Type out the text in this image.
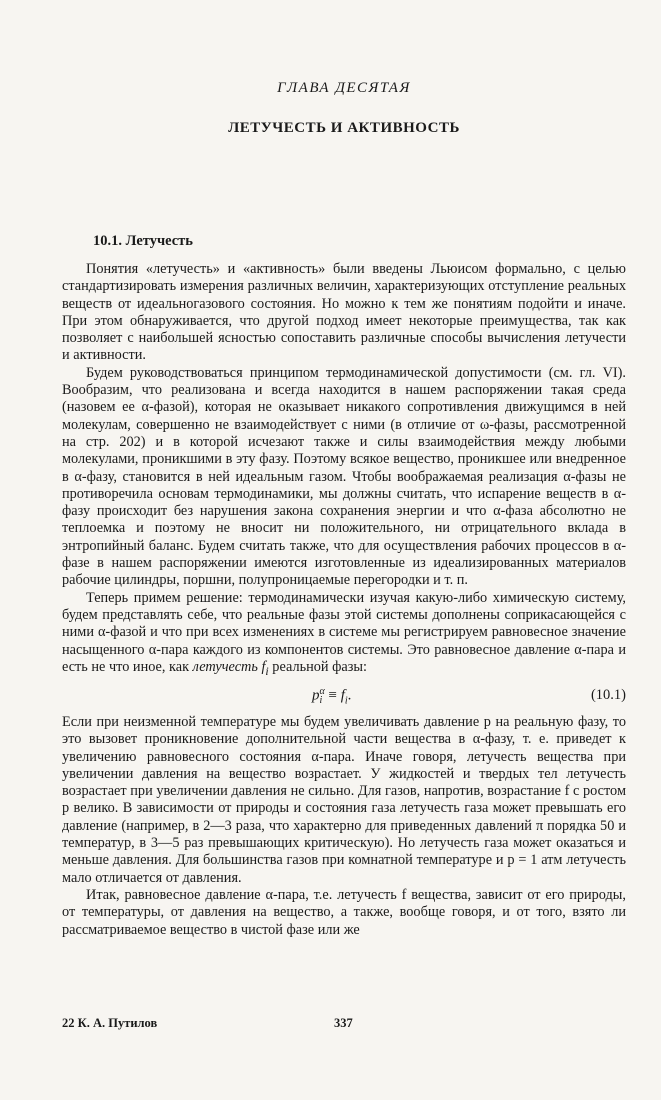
ГЛАВА ДЕСЯТАЯ
ЛЕТУЧЕСТЬ И АКТИВНОСТЬ
10.1. Летучесть

Понятия «летучесть» и «активность» были введены Льюисом формально, с целью стандартизировать измерения различных величин, характеризующих отступление реальных веществ от идеальногазового состояния. Но можно к тем же понятиям подойти и иначе. При этом обнаруживается, что другой подход имеет некоторые преимущества, так как позволяет с наибольшей ясностью сопоставить различные способы вычисления летучести и активности.

Будем руководствоваться принципом термодинамической допустимости (см. гл. VI). Вообразим, что реализована и всегда находится в нашем распоряжении такая среда (назовем ее α-фазой), которая не оказывает никакого сопротивления движущимся в ней молекулам, совершенно не взаимодействует с ними (в отличие от ω-фазы, рассмотренной на стр. 202) и в которой исчезают также и силы взаимодействия между любыми молекулами, проникшими в эту фазу. Поэтому всякое вещество, проникшее или внедренное в α-фазу, становится в ней идеальным газом. Чтобы воображаемая реализация α-фазы не противоречила основам термодинамики, мы должны считать, что испарение веществ в α-фазу происходит без нарушения закона сохранения энергии и что α-фаза абсолютно не теплоемка и поэтому не вносит ни положительного, ни отрицательного вклада в энтропийный баланс. Будем считать также, что для осуществления рабочих процессов в α-фазе в нашем распоряжении имеются изготовленные из идеализированных материалов рабочие цилиндры, поршни, полупроницаемые перегородки и т. п.

Теперь примем решение: термодинамически изучая какую-либо химическую систему, будем представлять себе, что реальные фазы этой системы дополнены соприкасающейся с ними α-фазой и что при всех изменениях в системе мы регистрируем равновесное значение насыщенного α-пара каждого из компонентов системы. Это равновесное давление α-пара и есть не что иное, как летучесть $f_i$ реальной фазы:

p α
$i \equiv f_i$.	(10.1)

Если при неизменной температуре мы будем увеличивать давление p на реальную фазу, то это вызовет проникновение дополнительной части вещества в α-фазу, т. е. приведет к увеличению равновесного состояния α-пара. Иначе говоря, летучесть вещества при увеличении давления на вещество возрастает. У жидкостей и твердых тел летучесть возрастает при увеличении давления не сильно. Для газов, напротив, возрастание f с ростом p велико. В зависимости от природы и состояния газа летучесть газа может превышать его давление (например, в 2—3 раза, что характерно для приведенных давлений π порядка 50 и температур, в 3—5 раз превышающих критическую). Но летучесть газа может оказаться и меньше давления. Для большинства газов при комнатной температуре и p = 1 атм летучесть мало отличается от давления.

Итак, равновесное давление α-пара, т.е. летучесть f вещества, зависит от его природы, от температуры, от давления на вещество, а также, вообще говоря, и от того, взято ли рассматриваемое вещество в чистой фазе или же

22 К. А. Путилов	337
